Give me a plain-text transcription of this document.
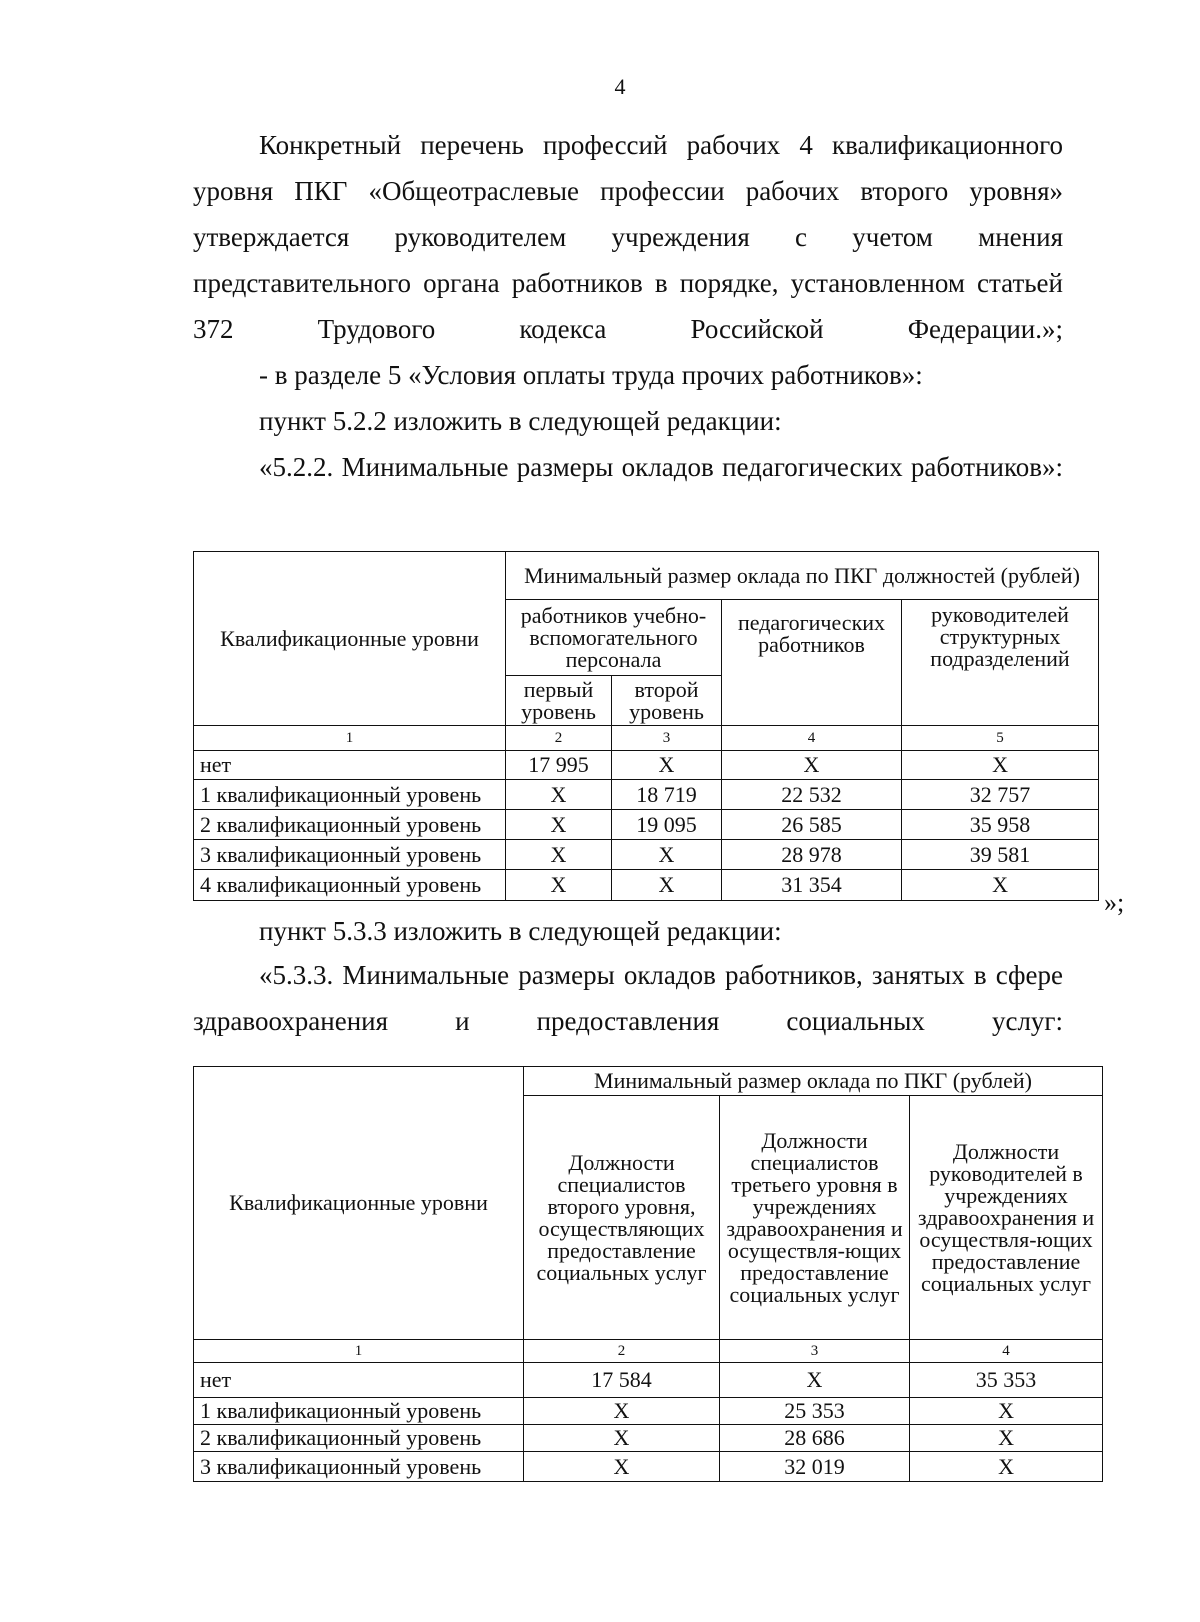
4

Конкретный перечень профессий рабочих 4 квалификационного уровня ПКГ «Общеотраслевые профессии рабочих второго уровня» утверждается руководителем учреждения с учетом мнения представительного органа работников в порядке, установленном статьей 372 Трудового кодекса Российской Федерации.»;

- в разделе 5 «Условия оплаты труда прочих работников»:

пункт 5.2.2 изложить в следующей редакции:

«5.2.2. Минимальные размеры окладов педагогических работников»:

Квалификационные уровни	Минимальный размер оклада по ПКГ должностей (рублей)			
	работников учебно-вспомогательного персонала		педагогических работников	руководителей структурных подразделений
	первый уровень	второй уровень		
1	2	3	4	5
нет	17 995	X	X	X
1 квалификационный уровень	X	18 719	22 532	32 757
2 квалификационный уровень	X	19 095	26 585	35 958
3 квалификационный уровень	X	X	28 978	39 581
4 квалификационный уровень	X	X	31 354	X
»;

пункт 5.3.3 изложить в следующей редакции:

«5.3.3. Минимальные размеры окладов работников, занятых в сфере здравоохранения и предоставления социальных услуг:

Квалификационные уровни	Минимальный размер оклада по ПКГ (рублей)		
	Должности специалистов второго уровня, осуществляющих предоставление социальных услуг	Должности специалистов третьего уровня в учреждениях здравоохранения и осуществля-ющих предоставление социальных услуг	Должности руководителей в учреждениях здравоохранения и осуществля-ющих предоставление социальных услуг
1	2	3	4
нет	17 584	X	35 353
1 квалификационный уровень	X	25 353	X
2 квалификационный уровень	X	28 686	X
3 квалификационный уровень	X	32 019	X
